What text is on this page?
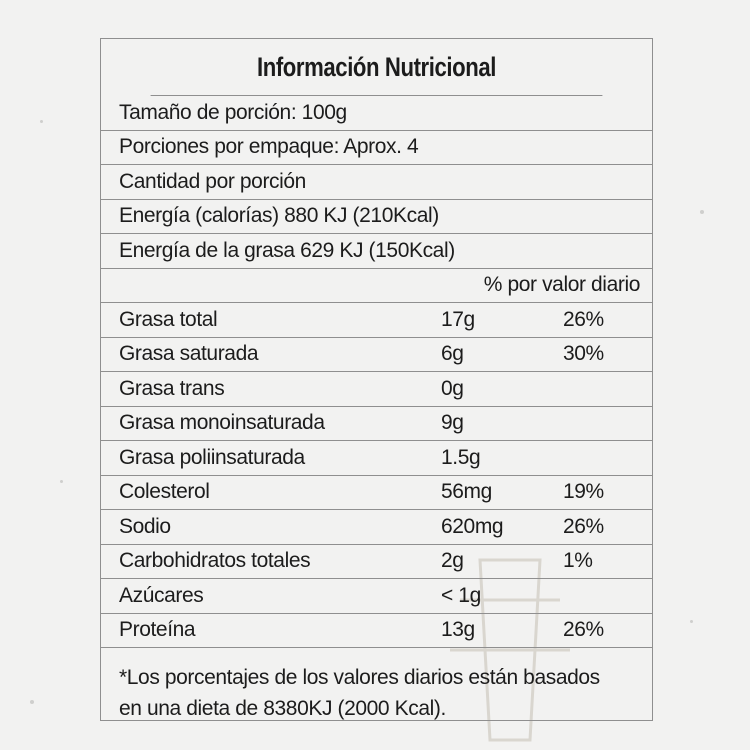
Información Nutricional
Tamaño de porción: 100g
Porciones por empaque: Aprox. 4
Cantidad por porción
Energía (calorías) 880 KJ (210Kcal)
Energía de la grasa 629 KJ (150Kcal)
% por valor diario
Grasa total	17g	26%
Grasa saturada	6g	30%
Grasa trans	0g
Grasa monoinsaturada	9g
Grasa poliinsaturada	1.5g
Colesterol	56mg	19%
Sodio	620mg	26%
Carbohidratos totales	2g	1%
Azúcares	< 1g
Proteína	13g	26%
*Los porcentajes de los valores diarios están basados
en una dieta de 8380KJ (2000 Kcal).
